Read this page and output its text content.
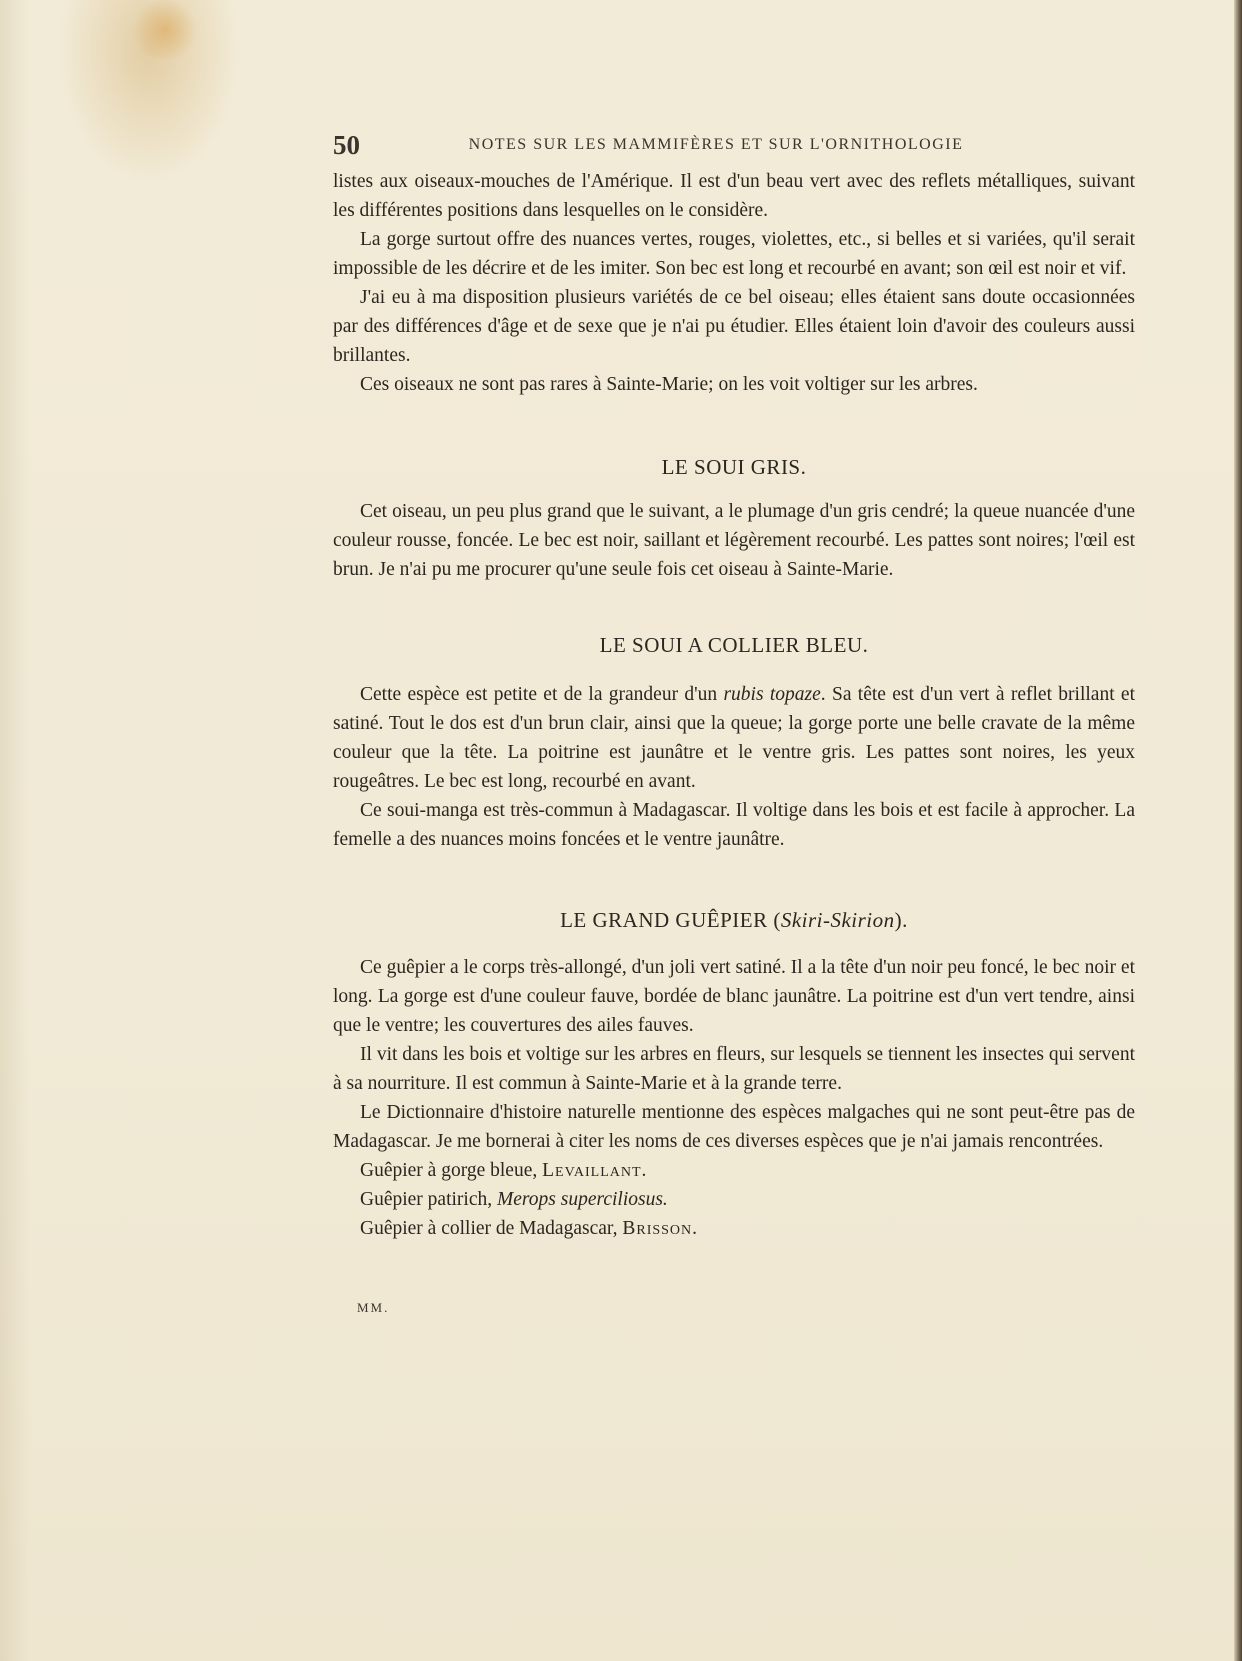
50	NOTES SUR LES MAMMIFÈRES ET SUR L'ORNITHOLOGIE

listes aux oiseaux-mouches de l'Amérique. Il est d'un beau vert avec des reflets métalliques, suivant les différentes positions dans lesquelles on le considère.

La gorge surtout offre des nuances vertes, rouges, violettes, etc., si belles et si variées, qu'il serait impossible de les décrire et de les imiter. Son bec est long et recourbé en avant; son œil est noir et vif.

J'ai eu à ma disposition plusieurs variétés de ce bel oiseau; elles étaient sans doute occasionnées par des différences d'âge et de sexe que je n'ai pu étudier. Elles étaient loin d'avoir des couleurs aussi brillantes.

Ces oiseaux ne sont pas rares à Sainte-Marie; on les voit voltiger sur les arbres.

LE SOUI GRIS.

Cet oiseau, un peu plus grand que le suivant, a le plumage d'un gris cendré; la queue nuancée d'une couleur rousse, foncée. Le bec est noir, saillant et légèrement recourbé. Les pattes sont noires; l'œil est brun. Je n'ai pu me procurer qu'une seule fois cet oiseau à Sainte-Marie.

LE SOUI A COLLIER BLEU.

Cette espèce est petite et de la grandeur d'un rubis topaze. Sa tête est d'un vert à reflet brillant et satiné. Tout le dos est d'un brun clair, ainsi que la queue; la gorge porte une belle cravate de la même couleur que la tête. La poitrine est jaunâtre et le ventre gris. Les pattes sont noires, les yeux rougeâtres. Le bec est long, recourbé en avant.

Ce soui-manga est très-commun à Madagascar. Il voltige dans les bois et est facile à approcher. La femelle a des nuances moins foncées et le ventre jaunâtre.

LE GRAND GUÊPIER (Skiri-Skirion).

Ce guêpier a le corps très-allongé, d'un joli vert satiné. Il a la tête d'un noir peu foncé, le bec noir et long. La gorge est d'une couleur fauve, bordée de blanc jaunâtre. La poitrine est d'un vert tendre, ainsi que le ventre; les couvertures des ailes fauves.

Il vit dans les bois et voltige sur les arbres en fleurs, sur lesquels se tiennent les insectes qui servent à sa nourriture. Il est commun à Sainte-Marie et à la grande terre.

Le Dictionnaire d'histoire naturelle mentionne des espèces malgaches qui ne sont peut-être pas de Madagascar. Je me bornerai à citer les noms de ces diverses espèces que je n'ai jamais rencontrées.

Guêpier à gorge bleue, Levaillant.

Guêpier patirich, Merops superciliosus.

Guêpier à collier de Madagascar, Brisson.

MM.
